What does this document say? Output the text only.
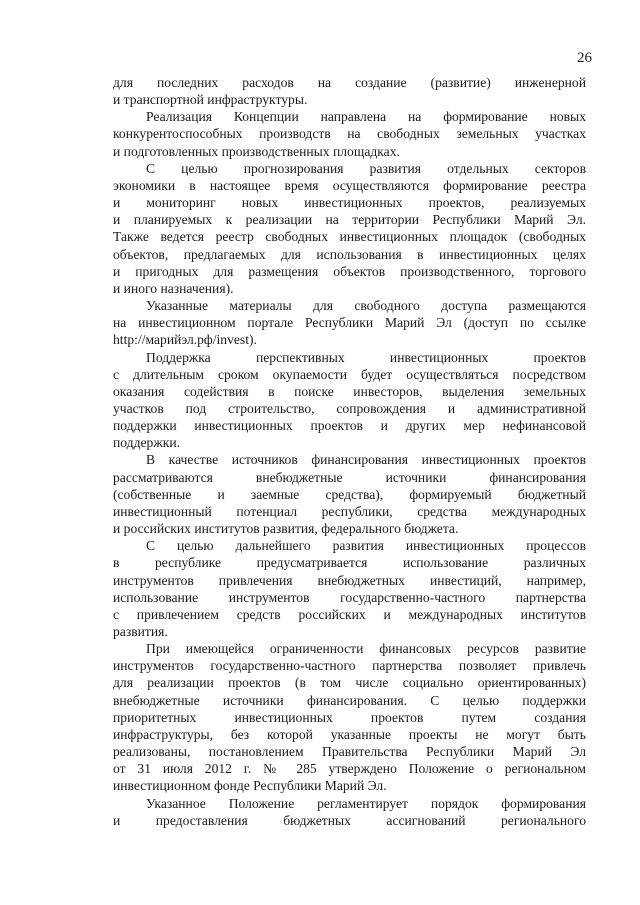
26
для последних расходов на создание (развитие) инженерной
и транспортной инфраструктуры.
Реализация Концепции направлена на формирование новых
конкурентоспособных производств на свободных земельных участках
и подготовленных производственных площадках.
С целью прогнозирования развития отдельных секторов
экономики в настоящее время осуществляются формирование реестра
и мониторинг новых инвестиционных проектов, реализуемых
и планируемых к реализации на территории Республики Марий Эл.
Также ведется реестр свободных инвестиционных площадок (свободных
объектов, предлагаемых для использования в инвестиционных целях
и пригодных для размещения объектов производственного, торгового
и иного назначения).
Указанные материалы для свободного доступа размещаются
на инвестиционном портале Республики Марий Эл (доступ по ссылке
http://марийэл.рф/invest).
Поддержка перспективных инвестиционных проектов
с длительным сроком окупаемости будет осуществляться посредством
оказания содействия в поиске инвесторов, выделения земельных
участков под строительство, сопровождения и административной
поддержки инвестиционных проектов и других мер нефинансовой
поддержки.
В качестве источников финансирования инвестиционных проектов
рассматриваются внебюджетные источники финансирования
(собственные и заемные средства), формируемый бюджетный
инвестиционный потенциал республики, средства международных
и российских институтов развития, федерального бюджета.
С целью дальнейшего развития инвестиционных процессов
в республике предусматривается использование различных
инструментов привлечения внебюджетных инвестиций, например,
использование инструментов государственно-частного партнерства
с привлечением средств российских и международных институтов
развития.
При имеющейся ограниченности финансовых ресурсов развитие
инструментов государственно-частного партнерства позволяет привлечь
для реализации проектов (в том числе социально ориентированных)
внебюджетные источники финансирования. С целью поддержки
приоритетных инвестиционных проектов путем создания
инфраструктуры, без которой указанные проекты не могут быть
реализованы, постановлением Правительства Республики Марий Эл
от 31 июля 2012 г. № 285 утверждено Положение о региональном
инвестиционном фонде Республики Марий Эл.
Указанное Положение регламентирует порядок формирования
и предоставления бюджетных ассигнований регионального
